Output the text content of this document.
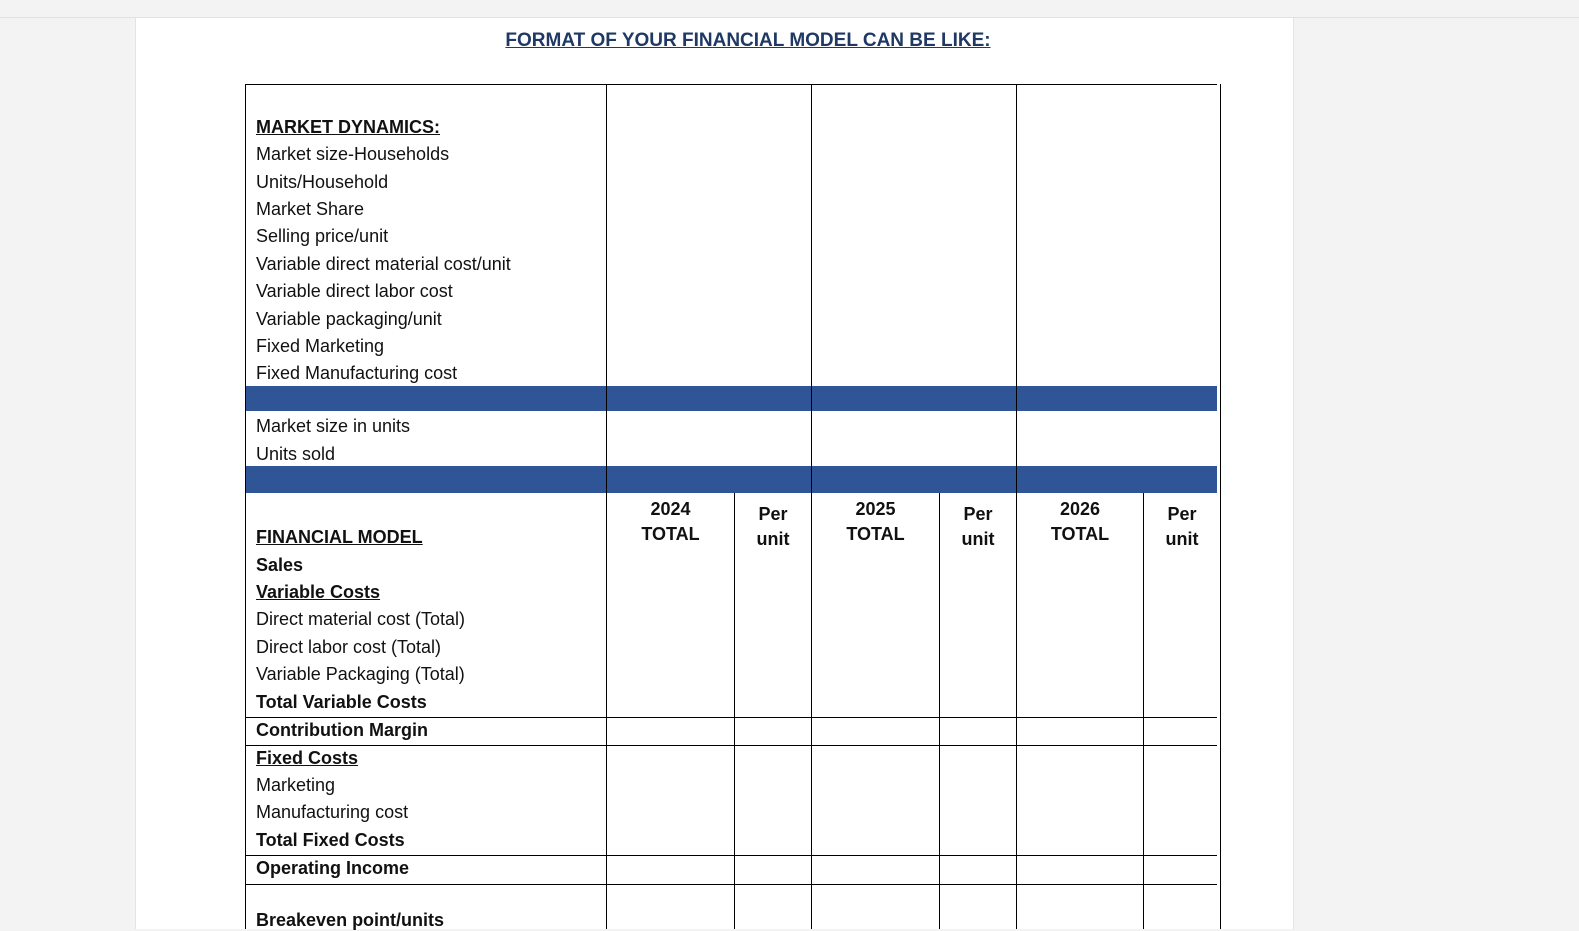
FORMAT OF YOUR FINANCIAL MODEL CAN BE LIKE:
MARKET DYNAMICS:
Market size-Households
Units/Household
Market Share
Selling price/unit
Variable direct material cost/unit
Variable direct labor cost
Variable packaging/unit
Fixed Marketing
Fixed Manufacturing cost
Market size in units
Units sold
2024
TOTAL
Per
unit
2025
TOTAL
Per
unit
2026
TOTAL
Per
unit
FINANCIAL MODEL
Sales
Variable Costs
Direct material cost (Total)
Direct labor cost (Total)
Variable Packaging (Total)
Total Variable Costs
Contribution Margin
Fixed Costs
Marketing
Manufacturing cost
Total Fixed Costs
Operating Income
Breakeven point/units
